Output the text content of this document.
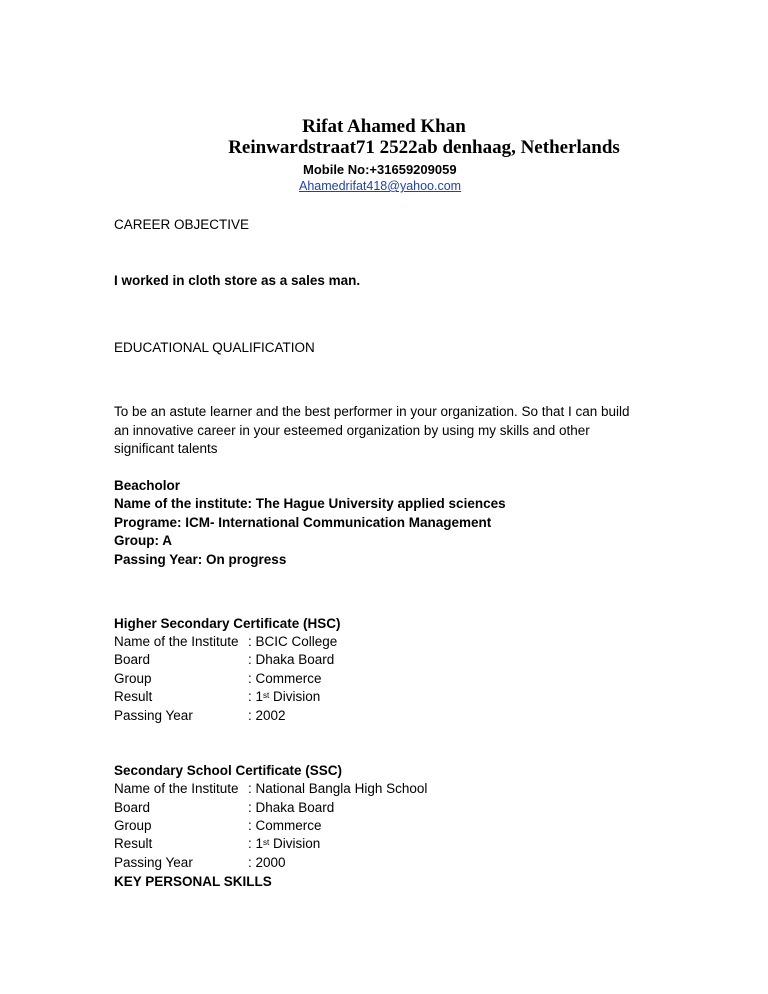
Rifat Ahamed Khan
Reinwardstraat71 2522ab denhaag, Netherlands
Mobile No:+31659209059
Ahamedrifat418@yahoo.com
CAREER OBJECTIVE
I worked in cloth store as a sales man.
EDUCATIONAL QUALIFICATION
To be an astute learner and the best performer in your organization. So that I can build
an innovative career in your esteemed organization by using my skills and other
significant talents
Beacholor
Name of the institute: The Hague University applied sciences
Programe: ICM- International Communication Management
Group: A
Passing Year: On progress
Higher Secondary Certificate (HSC)
Name of the Institute : BCIC College
Board	: Dhaka Board
Group	: Commerce
Result	: 1st Division
Passing Year	: 2002
Secondary School Certificate (SSC)
Name of the Institute : National Bangla High School
Board	: Dhaka Board
Group	: Commerce
Result	: 1st Division
Passing Year	: 2000
KEY PERSONAL SKILLS
